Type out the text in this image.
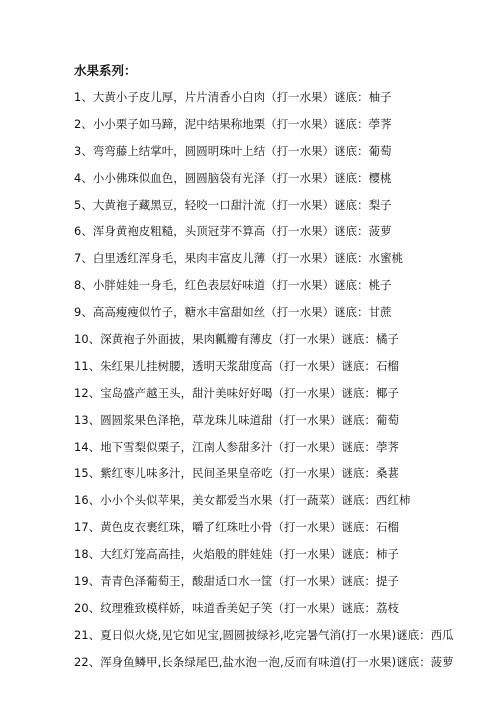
水果系列：
1、大黄小子皮儿厚，片片清香小白肉（打一水果）谜底：柚子
2、小小栗子如马蹄，泥中结果称地栗（打一水果）谜底：荸荠
3、弯弯藤上结掌叶，圆圆明珠叶上结（打一水果）谜底：葡萄
4、小小佛珠似血色，圆圆脑袋有光泽（打一水果）谜底：樱桃
5、大黄袍子藏黑豆，轻咬一口甜汁流（打一水果）谜底：梨子
6、浑身黄袍皮粗糙，头顶冠芽不算高（打一水果）谜底：菠萝
7、白里透红浑身毛，果肉丰富皮儿薄（打一水果）谜底：水蜜桃
8、小胖娃娃一身毛，红色表层好味道（打一水果）谜底：桃子
9、高高瘦瘦似竹子，糖水丰富甜如丝（打一水果）谜底：甘蔗
10、深黄袍子外面披，果肉瓤瓣有薄皮（打一水果）谜底：橘子
11、朱红果儿挂树腰，透明天浆甜度高（打一水果）谜底：石榴
12、宝岛盛产越王头，甜汁美味好好喝（打一水果）谜底：椰子
13、圆圆浆果色泽艳，草龙珠儿味道甜（打一水果）谜底：葡萄
14、地下雪梨似栗子，江南人参甜多汁（打一水果）谜底：荸荠
15、紫红枣儿味多汁，民间圣果皇帝吃（打一水果）谜底：桑葚
16、小小个头似苹果，美女都爱当水果（打一蔬菜）谜底：西红柿
17、黄色皮衣裹红珠，嚼了红珠吐小骨（打一水果）谜底：石榴
18、大红灯笼高高挂，火焰般的胖娃娃（打一水果）谜底：柿子
19、青青色泽葡萄王，酸甜适口水一筐（打一水果）谜底：提子
20、纹理雅致模样娇，味道香美妃子笑（打一水果）谜底：荔枝
21、夏日似火烧,见它如见宝,圆圆披绿衫,吃完暑气消(打一水果)谜底：西瓜
22、浑身鱼鳞甲,长条绿尾巴,盐水泡一泡,反而有味道(打一水果)谜底：菠萝
